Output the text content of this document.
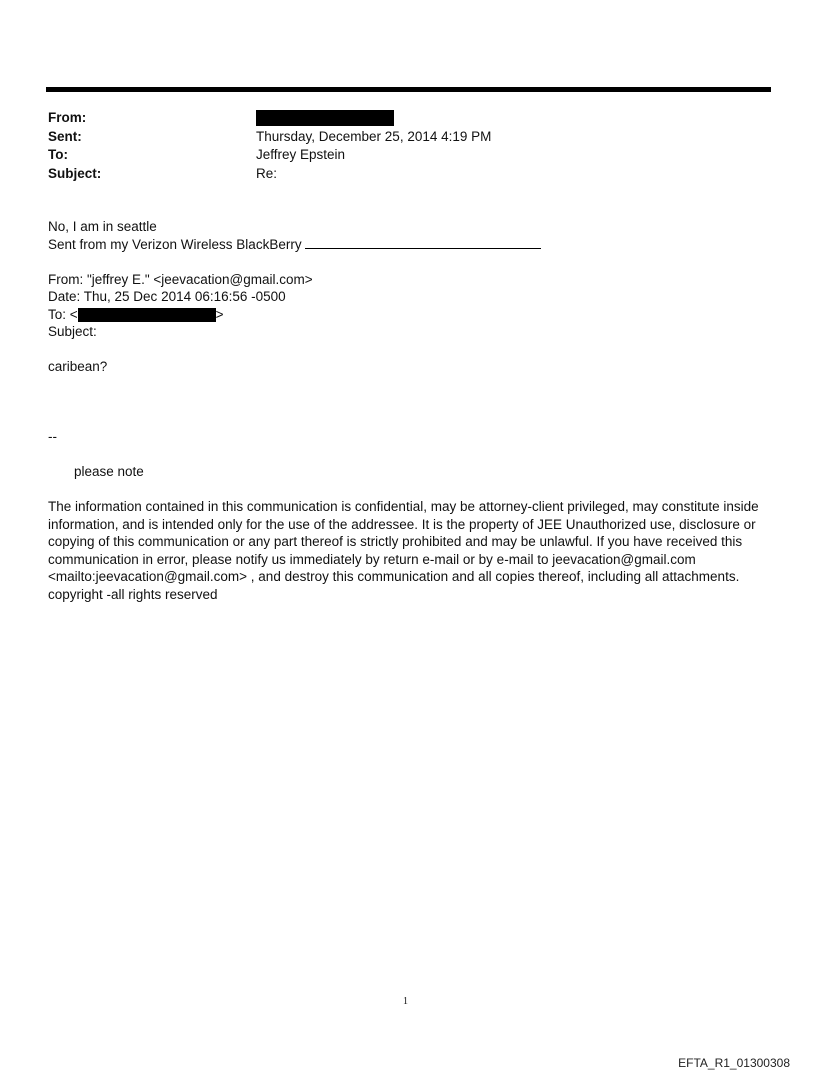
From:
Sent:	Thursday, December 25, 2014 4:19 PM
To:	Jeffrey Epstein
Subject:	Re:
No, I am in seattle
Sent from my Verizon Wireless BlackBerry
From: "jeffrey E." <jeevacation@gmail.com>
Date: Thu, 25 Dec 2014 06:16:56 -0500
To: <	>
Subject:
caribean?
--
please note
The information contained in this communication is confidential, may be attorney-client privileged, may constitute inside information, and is intended only for the use of the addressee. It is the property of JEE Unauthorized use, disclosure or copying of this communication or any part thereof is strictly prohibited and may be unlawful. If you have received this communication in error, please notify us immediately by return e-mail or by e-mail to jeevacation@gmail.com <mailto:jeevacation@gmail.com> , and destroy this communication and all copies thereof, including all attachments. copyright -all rights reserved
1
EFTA_R1_01300308
